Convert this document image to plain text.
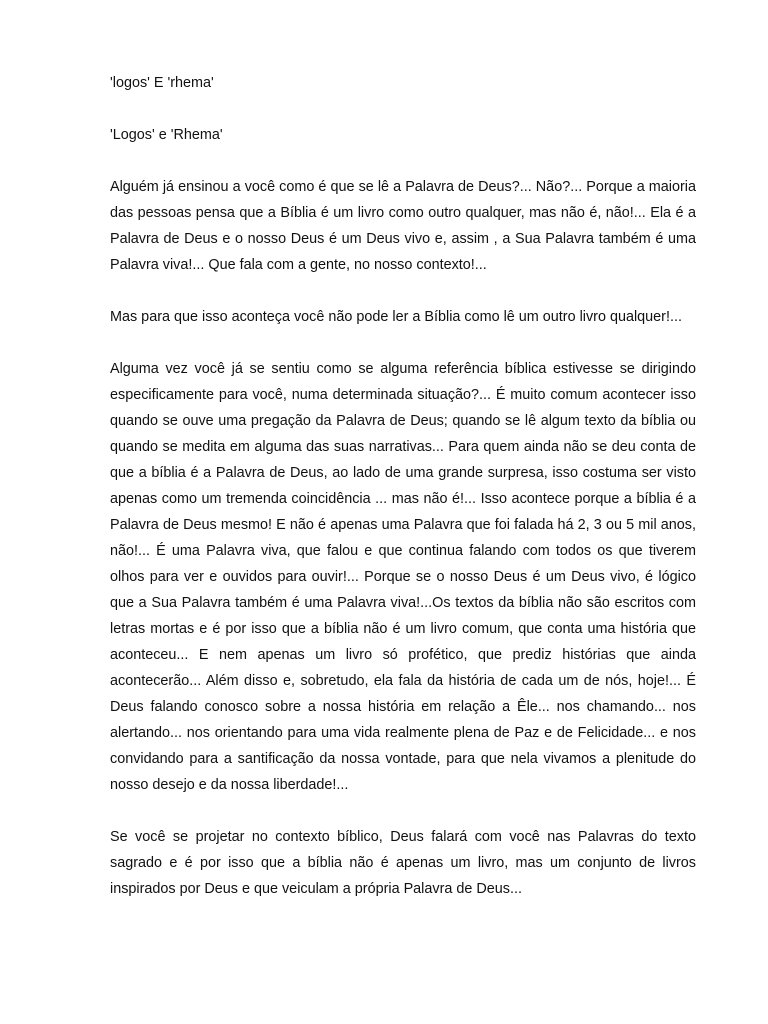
'logos' E 'rhema'

'Logos' e 'Rhema'

Alguém já ensinou a você como é que se lê a Palavra de Deus?... Não?... Porque a maioria das pessoas pensa que a Bíblia é um livro como outro qualquer, mas não é, não!... Ela é a Palavra de Deus e o nosso Deus é um Deus vivo e, assim , a Sua Palavra também é uma Palavra viva!... Que fala com a gente, no nosso contexto!...

Mas para que isso aconteça você não pode ler a Bíblia como lê um outro livro qualquer!...

Alguma vez você já se sentiu como se alguma referência bíblica estivesse se dirigindo especificamente para você, numa determinada situação?... É muito comum acontecer isso quando se ouve uma pregação da Palavra de Deus; quando se lê algum texto da bíblia ou quando se medita em alguma das suas narrativas... Para quem ainda não se deu conta de que a bíblia é a Palavra de Deus, ao lado de uma grande surpresa, isso costuma ser visto apenas como um tremenda coincidência ... mas não é!... Isso acontece porque a bíblia é a Palavra de Deus mesmo! E não é apenas uma Palavra que foi falada há 2, 3 ou 5 mil anos, não!... É uma Palavra viva, que falou e que continua falando com todos os que tiverem olhos para ver e ouvidos para ouvir!... Porque se o nosso Deus é um Deus vivo, é lógico que a Sua Palavra também é uma Palavra viva!...Os textos da bíblia não são escritos com letras mortas e é por isso que a bíblia não é um livro comum, que conta uma história que aconteceu... E nem apenas um livro só profético, que prediz histórias que ainda acontecerão... Além disso e, sobretudo, ela fala da história de cada um de nós, hoje!... É Deus falando conosco sobre a nossa história em relação a Êle... nos chamando... nos alertando... nos orientando para uma vida realmente plena de Paz e de Felicidade... e nos convidando para a santificação da nossa vontade, para que nela vivamos a plenitude do nosso desejo e da nossa liberdade!...

Se você se projetar no contexto bíblico, Deus falará com você nas Palavras do texto sagrado e é por isso que a bíblia não é apenas um livro, mas um conjunto de livros inspirados por Deus e que veiculam a própria Palavra de Deus...
